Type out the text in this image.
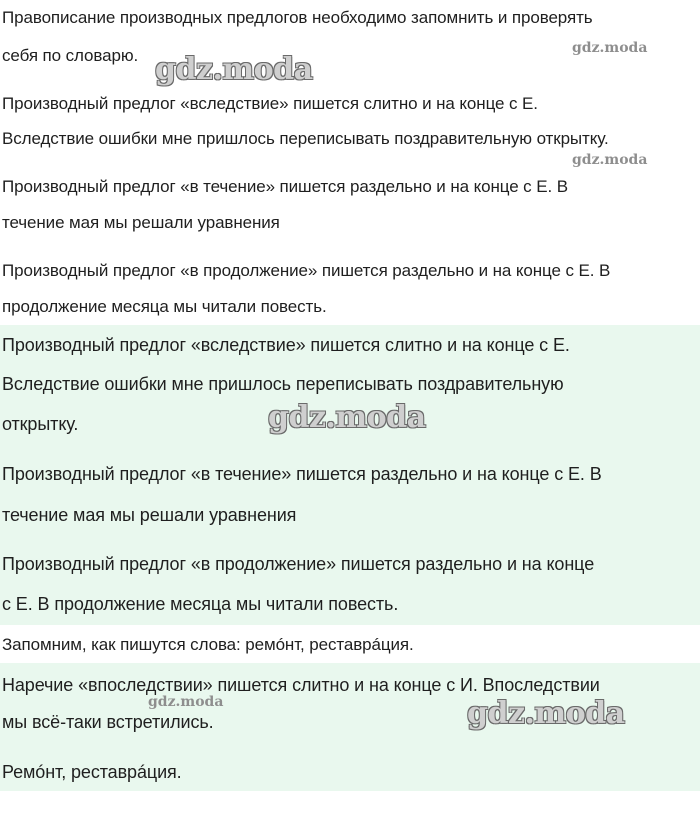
Правописание производных предлогов необходимо запомнить и проверять

себя по словарю.

Производный предлог «вследствие» пишется слитно и на конце с Е.

Вследствие ошибки мне пришлось переписывать поздравительную открытку.

Производный предлог «в течение» пишется раздельно и на конце с Е. В

течение мая мы решали уравнения

Производный предлог «в продолжение» пишется раздельно и на конце с Е. В

продолжение месяца мы читали повесть.

Производный предлог «вследствие» пишется слитно и на конце с Е.

Вследствие ошибки мне пришлось переписывать поздравительную

открытку.

Производный предлог «в течение» пишется раздельно и на конце с Е. В

течение мая мы решали уравнения

Производный предлог «в продолжение» пишется раздельно и на конце

с Е. В продолжение месяца мы читали повесть.

Запомним, как пишутся слова: ремóнт, реставрáция.

Наречие «впоследствии» пишется слитно и на конце с И. Впоследствии

мы всё-таки встретились.

Ремóнт, реставрáция.

gdz.moda
gdz.moda
gdz.moda
gdz.moda
gdz.moda	gdz.moda
